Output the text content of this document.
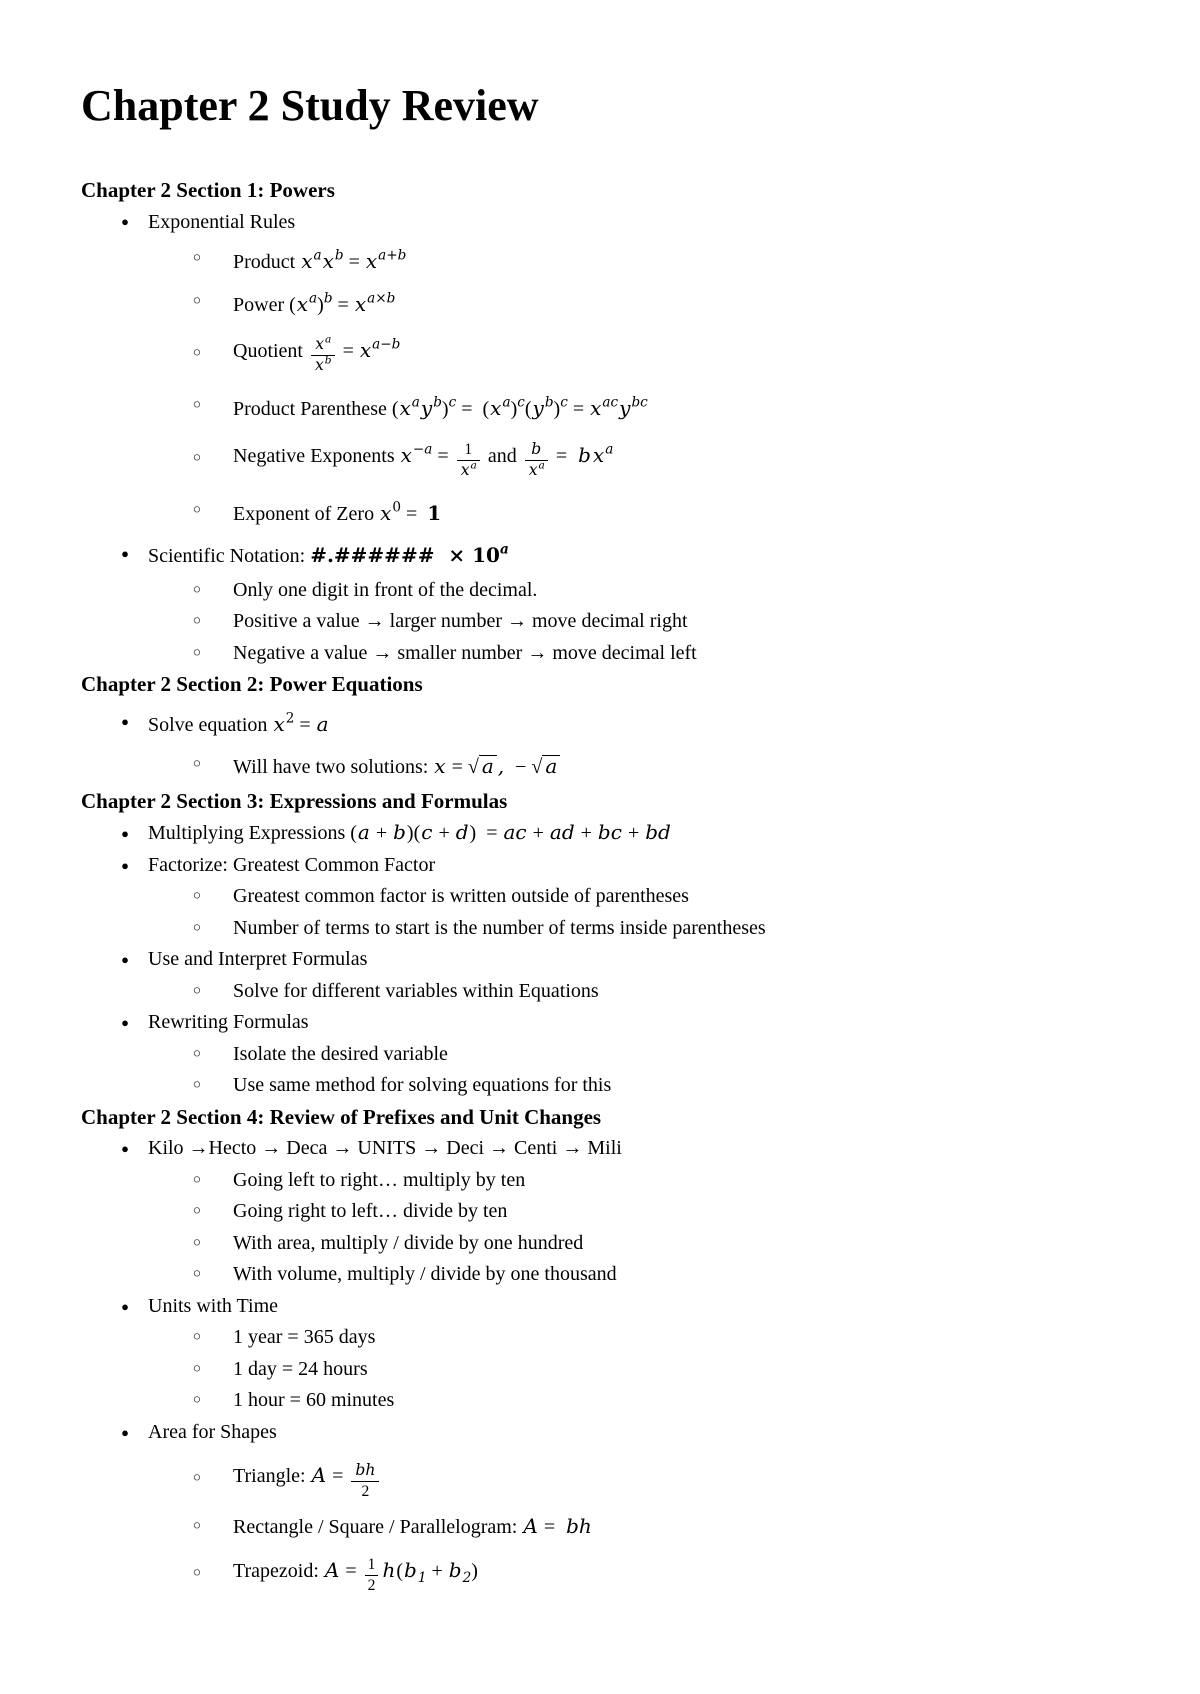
Chapter 2 Study Review
Chapter 2 Section 1: Powers
● Exponential Rules
○ Product $x^ax^b = x^{a+b}$
○ Power $(x^a)^b = x^{a\times b}$
○ Quotient $\frac{x^a}{x^b} = x^{a-b}$
○ Product Parenthese $(x^ay^b)^c = (x^a)^c(y^b)^c = x^{ac}y^{bc}$
○ Negative Exponents $x^{-a} = \frac{1}{x^a}$ and $\frac{b}{x^a} = b$ $x^a$
○ Exponent of Zero $x^0 = 1$
● Scientific Notation: #.######  × $10^a$
○ Only one digit in front of the decimal.
○ Positive a value → larger number → move decimal right
○ Negative a value → smaller number → move decimal left
Chapter 2 Section 2: Power Equations
● Solve equation $x^2 = a$
○ Will have two solutions: x = √ a ,  − √ a
Chapter 2 Section 3: Expressions and Formulas
● Multiplying Expressions (a + b)(c + d)  = ac + ad + bc + bd
● Factorize: Greatest Common Factor
○ Greatest common factor is written outside of parentheses
○ Number of terms to start is the number of terms inside parentheses
● Use and Interpret Formulas
○ Solve for different variables within Equations
● Rewriting Formulas
○ Isolate the desired variable
○ Use same method for solving equations for this
Chapter 2 Section 4: Review of Prefixes and Unit Changes
● Kilo →Hecto → Deca → UNITS → Deci → Centi → Mili
○ Going left to right… multiply by ten
○ Going right to left… divide by ten
○ With area, multiply / divide by one hundred
○ With volume, multiply / divide by one thousand
● Units with Time
○ 1 year = 365 days
○ 1 day = 24 hours
○ 1 hour = 60 minutes
● Area for Shapes
○ Triangle: $A = \frac{bh}{2}$
○ Rectangle / Square / Parallelogram: A =  bh
○ Trapezoid: $A = \frac{1}{2} h(b_1 + b_2)$
